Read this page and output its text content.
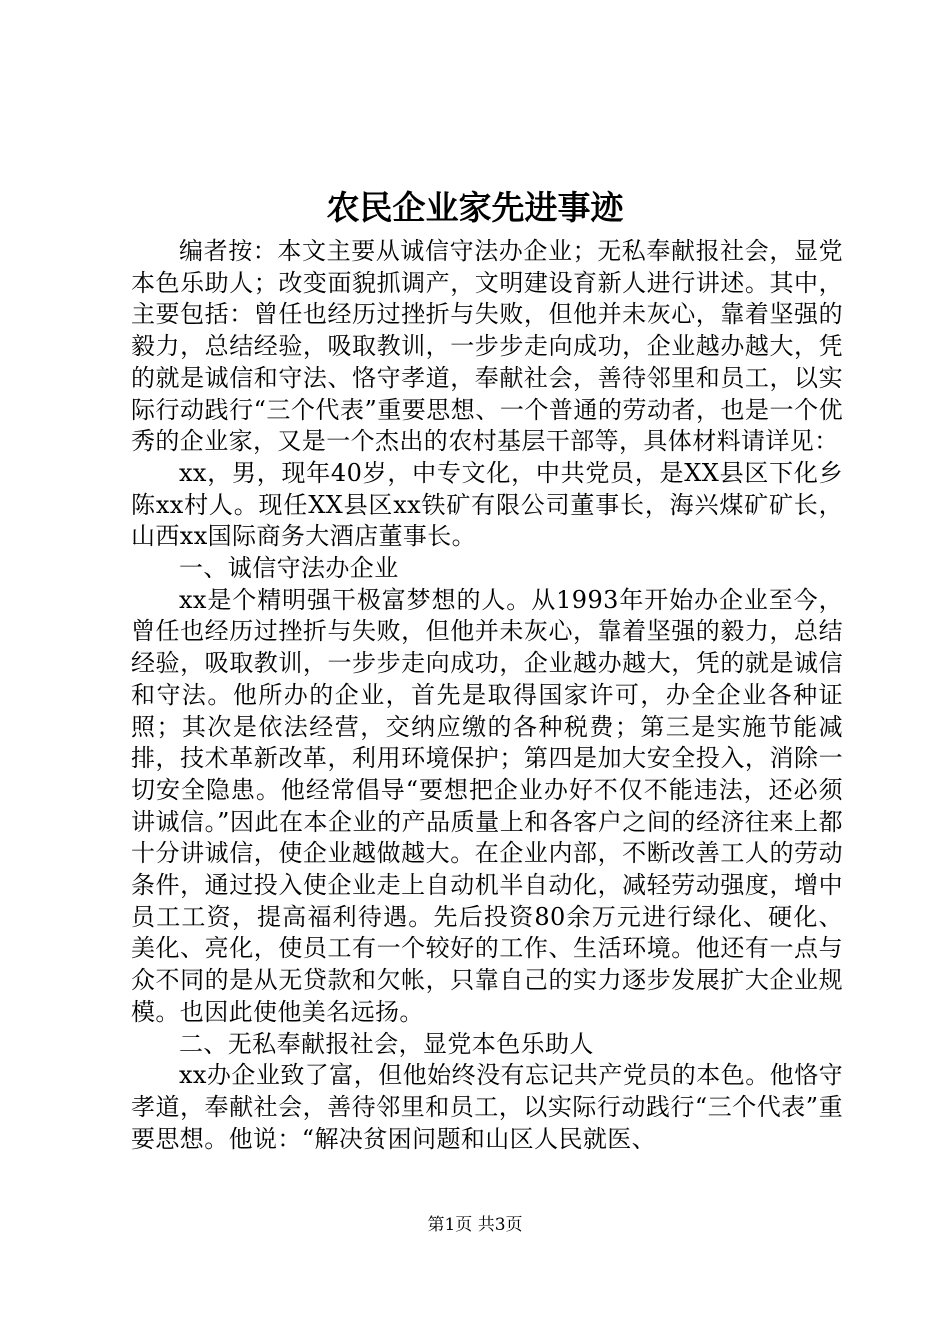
农民企业家先进事迹

编者按：本文主要从诚信守法办企业；无私奉献报社会，显党本色乐助人；改变面貌抓调产，文明建设育新人进行讲述。其中，主要包括：曾任也经历过挫折与失败，但他并未灰心，靠着坚强的毅力，总结经验，吸取教训，一步步走向成功，企业越办越大，凭的就是诚信和守法、恪守孝道，奉献社会，善待邻里和员工，以实际行动践行“三个代表”重要思想、一个普通的劳动者，也是一个优秀的企业家，又是一个杰出的农村基层干部等，具体材料请详见：

xx，男，现年40岁，中专文化，中共党员，是XX县区下化乡陈xx村人。现任XX县区xx铁矿有限公司董事长，海兴煤矿矿长，山西xx国际商务大酒店董事长。

一、诚信守法办企业

xx是个精明强干极富梦想的人。从1993年开始办企业至今，曾任也经历过挫折与失败，但他并未灰心，靠着坚强的毅力，总结经验，吸取教训，一步步走向成功，企业越办越大，凭的就是诚信和守法。他所办的企业，首先是取得国家许可，办全企业各种证照；其次是依法经营，交纳应缴的各种税费；第三是实施节能减排，技术革新改革，利用环境保护；第四是加大安全投入，消除一切安全隐患。他经常倡导“要想把企业办好不仅不能违法，还必须讲诚信。”因此在本企业的产品质量上和各客户之间的经济往来上都十分讲诚信，使企业越做越大。在企业内部，不断改善工人的劳动条件，通过投入使企业走上自动机半自动化，减轻劳动强度，增中员工工资，提高福利待遇。先后投资80余万元进行绿化、硬化、美化、亮化，使员工有一个较好的工作、生活环境。他还有一点与众不同的是从无贷款和欠帐，只靠自己的实力逐步发展扩大企业规模。也因此使他美名远扬。

二、无私奉献报社会，显党本色乐助人

xx办企业致了富，但他始终没有忘记共产党员的本色。他恪守孝道，奉献社会，善待邻里和员工，以实际行动践行“三个代表”重要思想。他说：“解决贫困问题和山区人民就医、

第1页 共3页
